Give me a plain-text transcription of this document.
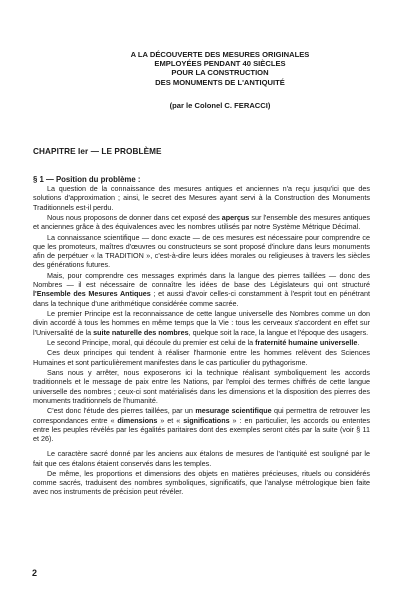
A LA DÉCOUVERTE DES MESURES ORIGINALES
EMPLOYÉES PENDANT 40 SIÈCLES
POUR LA CONSTRUCTION
DES MONUMENTS DE L'ANTIQUITÉ
(par le Colonel C. FERACCI)
CHAPITRE Ier — LE PROBLÈME
§ 1 — Position du problème :

La question de la connaissance des mesures antiques et anciennes n'a reçu jusqu'ici que des solutions d'approximation ; ainsi, le secret des Mesures ayant servi à la Construction des Monuments Traditionnels est-il perdu.

Nous nous proposons de donner dans cet exposé des aperçus sur l'ensemble des mesures antiques et anciennes grâce à des équivalences avec les nombres utilisés par notre Système Métrique Décimal.

La connaissance scientifique — donc exacte — de ces mesures est nécessaire pour comprendre ce que les promoteurs, maîtres d'œuvres ou constructeurs se sont proposé d'inclure dans leurs monuments afin de perpétuer « la TRADITION », c'est-à-dire leurs idées morales ou religieuses à travers les siècles des générations futures.

Mais, pour comprendre ces messages exprimés dans la langue des pierres taillées — donc des Nombres — il est nécessaire de connaître les idées de base des Législateurs qui ont structuré l'Ensemble des Mesures Antiques ; et aussi d'avoir celles-ci constamment à l'esprit tout en pénétrant dans la technique d'une arithmétique considérée comme sacrée.

Le premier Principe est la reconnaissance de cette langue universelle des Nombres comme un don divin accordé à tous les hommes en même temps que la Vie : tous les cerveaux s'accordent en effet sur l'Universalité de la suite naturelle des nombres, quelque soit la race, la langue et l'époque des usagers.

Le second Principe, moral, qui découle du premier est celui de la fraternité humaine universelle.

Ces deux principes qui tendent à réaliser l'harmonie entre les hommes relèvent des Sciences Humaines et sont particulièrement manifestes dans le cas particulier du pythagorisme.

Sans nous y arrêter, nous exposerons ici la technique réalisant symboliquement les accords traditionnels et le message de paix entre les Nations, par l'emploi des termes chiffrés de cette langue universelle des nombres ; ceux-ci sont matérialisés dans les dimensions et la disposition des pierres des monuments traditionnels de l'humanité.

C'est donc l'étude des pierres taillées, par un mesurage scientifique qui permettra de retrouver les correspondances entre « dimensions » et « significations » : en particulier, les accords ou ententes entre les peuples révélés par les égalités paritaires dont des exemples seront cités par la suite (voir § 11 et 26).

Le caractère sacré donné par les anciens aux étalons de mesures de l'antiquité est souligné par le fait que ces étalons étaient conservés dans les temples.

De même, les proportions et dimensions des objets en matières précieuses, rituels ou considérés comme sacrés, traduisent des nombres symboliques, significatifs, que l'analyse métrologique bien faite avec nos instruments de précision peut révéler.

2
